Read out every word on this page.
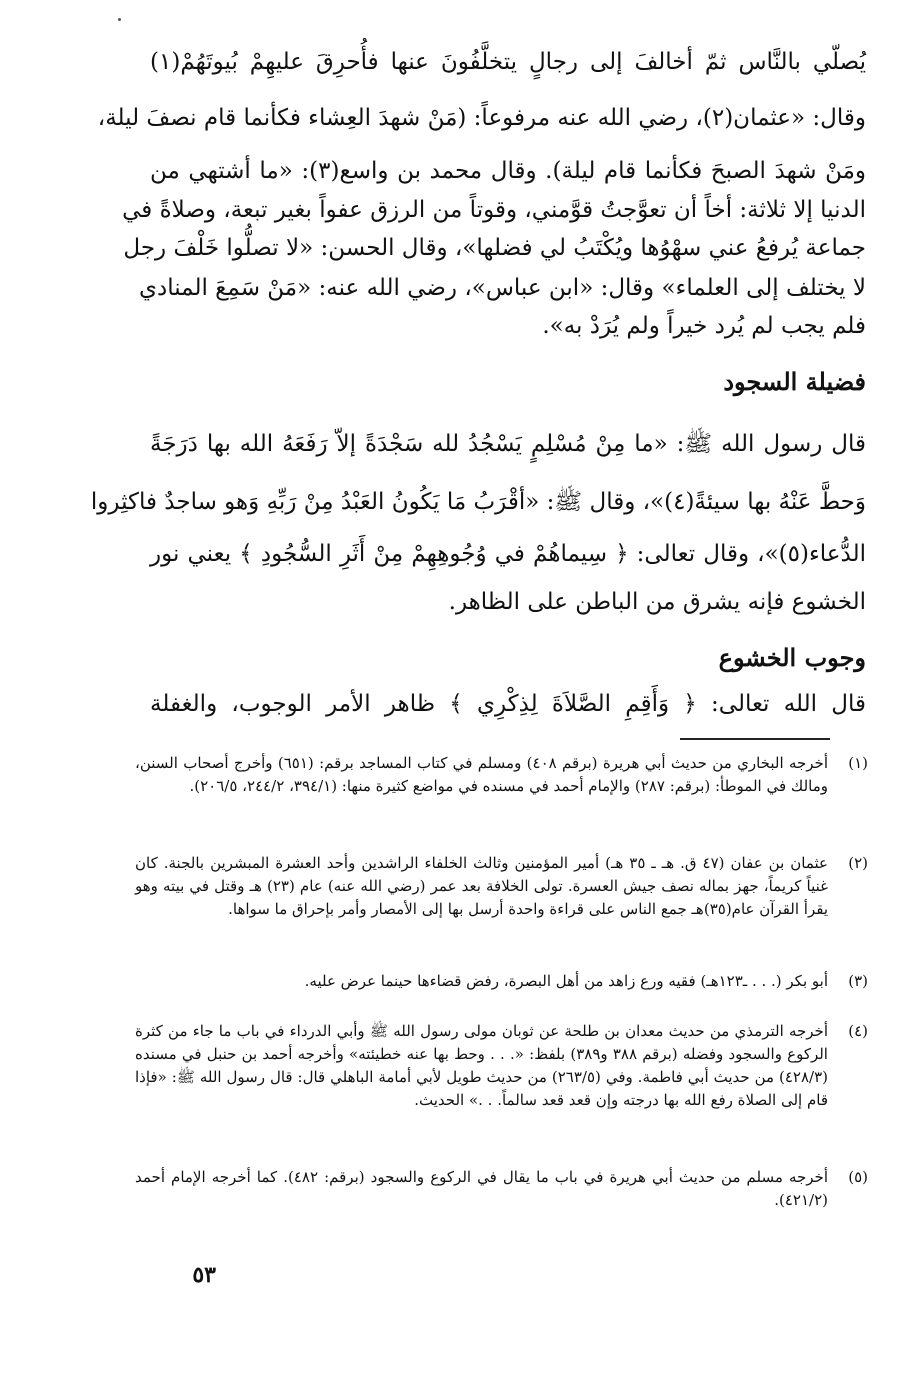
يُصلّي بالنَّاس ثمّ أخالفَ إلى رجالٍ يتخلَّفُونَ عنها فأُحرِقَ عليهِمْ بُيوتَهُمْ(١)
وقال: «عثمان(٢)، رضي الله عنه مرفوعاً: (مَنْ شهدَ العِشاء فكأنما قام نصفَ ليلة،
ومَنْ شهدَ الصبحَ فكأنما قام ليلة). وقال محمد بن واسع(٣): «ما أشتهي من
الدنيا إلا ثلاثة: أخاً أن تعوَّجتُ قوَّمني، وقوتاً من الرزق عفواً بغير تبعة، وصلاةً في
جماعة يُرفعُ عني سهْوُها ويُكْتَبُ لي فضلها»، وقال الحسن: «لا تصلُّوا خَلْفَ رجل
لا يختلف إلى العلماء» وقال: «ابن عباس»، رضي الله عنه: «مَنْ سَمِعَ المنادي
فلم يجب لم يُرد خيراً ولم يُرَدْ به».
فضيلة السجود
قال رسول الله ﷺ: «ما مِنْ مُسْلِمٍ يَسْجُدُ لله سَجْدَةً إلاّ رَفَعَهُ الله بها دَرَجَةً
وَحطَّ عَنْهُ بها سيئةً(٤)»، وقال ﷺ: «أقْرَبُ مَا يَكُونُ العَبْدُ مِنْ رَبِّهِ وَهو ساجدٌ فاكثِروا
الدُّعاء(٥)»، وقال تعالى: ﴿ سِيماهُمْ في وُجُوهِهِمْ مِنْ أَثَرِ السُّجُودِ ﴾ يعني نور
الخشوع فإنه يشرق من الباطن على الظاهر.
وجوب الخشوع
قال الله تعالى: ﴿ وَأَقِمِ الصَّلاَةَ لِذِكْرِي ﴾ ظاهر الأمر الوجوب، والغفلة
(١)
أخرجه البخاري من حديث أبي هريرة (برقم ٤٠٨) ومسلم في كتاب المساجد برقم: (٦٥١) وأخرج أصحاب السنن، ومالك في الموطأ: (برقم: ٢٨٧) والإمام أحمد في مسنده في مواضع كثيرة منها: (٣٩٤/١، ٢٤٤/٢، ٢٠٦/٥).
(٢)
عثمان بن عفان (٤٧ ق. هـ ـ ٣٥ هـ) أمير المؤمنين وثالث الخلفاء الراشدين وأحد العشرة المبشرين بالجنة. كان غنياً كريماً، جهز بماله نصف جيش العسرة. تولى الخلافة بعد عمر (رضي الله عنه) عام (٢٣) هـ وقتل في بيته وهو يقرأ القرآن عام(٣٥)هـ جمع الناس على قراءة واحدة أرسل بها إلى الأمصار وأمر بإحراق ما سواها.
(٣)
أبو بكر (. . . ـ١٢٣هـ) فقيه ورع زاهد من أهل البصرة، رفض قضاءها حينما عرض عليه.
(٤)
أخرجه الترمذي من حديث معدان بن طلحة عن ثوبان مولى رسول الله ﷺ وأبي الدرداء في باب ما جاء من كثرة الركوع والسجود وفضله (برقم ٣٨٨ و٣٨٩) بلفظ: «. . . وحط بها عنه خطيئته» وأخرجه أحمد بن حنبل في مسنده (٤٢٨/٣) من حديث أبي فاطمة. وفي (٢٦٣/٥) من حديث طويل لأبي أمامة الباهلي قال: قال رسول الله ﷺ: «فإذا قام إلى الصلاة رفع الله بها درجته وإن قعد قعد سالماً. . .» الحديث.
(٥)
أخرجه مسلم من حديث أبي هريرة في باب ما يقال في الركوع والسجود (برقم: ٤٨٢). كما أخرجه الإمام أحمد (٤٢١/٢).
٥٣
